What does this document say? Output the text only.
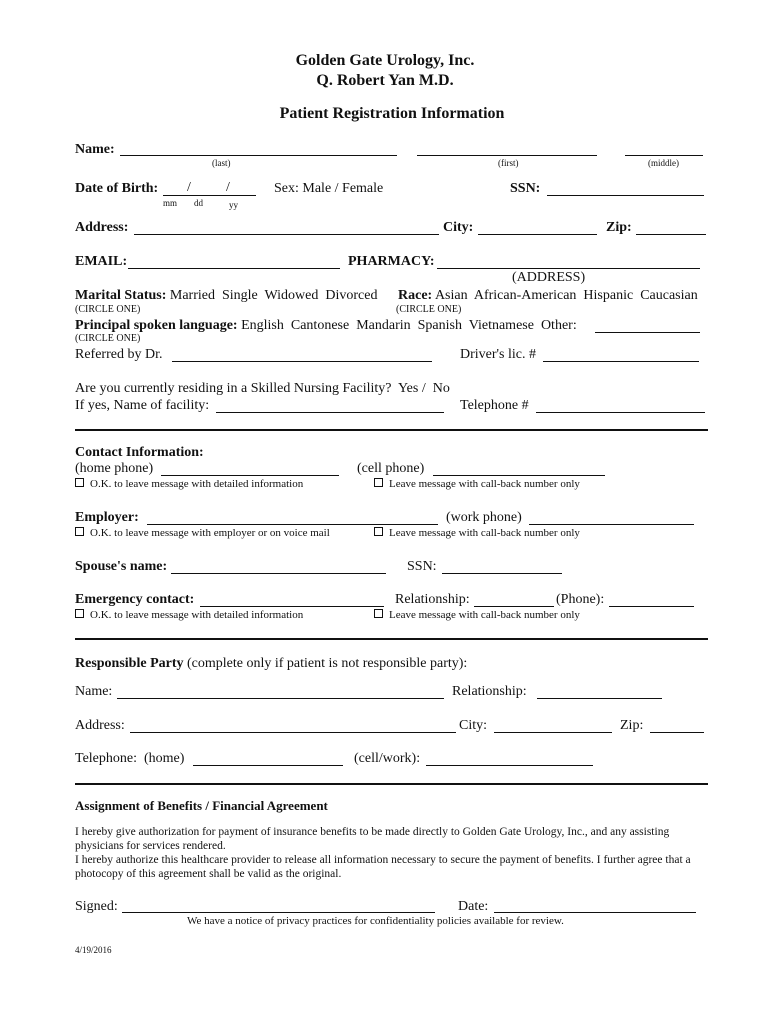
Golden Gate Urology, Inc.
Q. Robert Yan M.D.
Patient Registration Information
Name:
(last)	(first)	(middle)
Date of Birth: /	/
mm dd	yy
Sex: Male / Female	SSN:
Address:	City:	Zip:
EMAIL:	PHARMACY:
(ADDRESS)
Marital Status: Married  Single  Widowed  Divorced Race: Asian  African-American  Hispanic  Caucasian
(CIRCLE ONE)	(CIRCLE ONE)
Principal spoken language: English  Cantonese  Mandarin  Spanish  Vietnamese  Other:
(CIRCLE ONE)
Referred by Dr.	Driver's lic. #
Are you currently residing in a Skilled Nursing Facility?  Yes /  No
If yes, Name of facility:	Telephone #
Contact Information:
(home phone)	(cell phone)
O.K. to leave message with detailed information	Leave message with call-back number only
Employer:	(work phone)
O.K. to leave message with employer or on voice mail	Leave message with call-back number only
Spouse's name:	SSN:
Emergency contact:	Relationship:	(Phone):
O.K. to leave message with detailed information	Leave message with call-back number only
Responsible Party (complete only if patient is not responsible party):
Name:	Relationship:
Address:	City:	Zip:
Telephone:  (home)	(cell/work):
Assignment of Benefits / Financial Agreement
I hereby give authorization for payment of insurance benefits to be made directly to Golden Gate Urology, Inc., and any assisting physicians for services rendered.
I hereby authorize this healthcare provider to release all information necessary to secure the payment of benefits. I further agree that a photocopy of this agreement shall be valid as the original.
Signed:	Date:
We have a notice of privacy practices for confidentiality policies available for review.
4/19/2016
